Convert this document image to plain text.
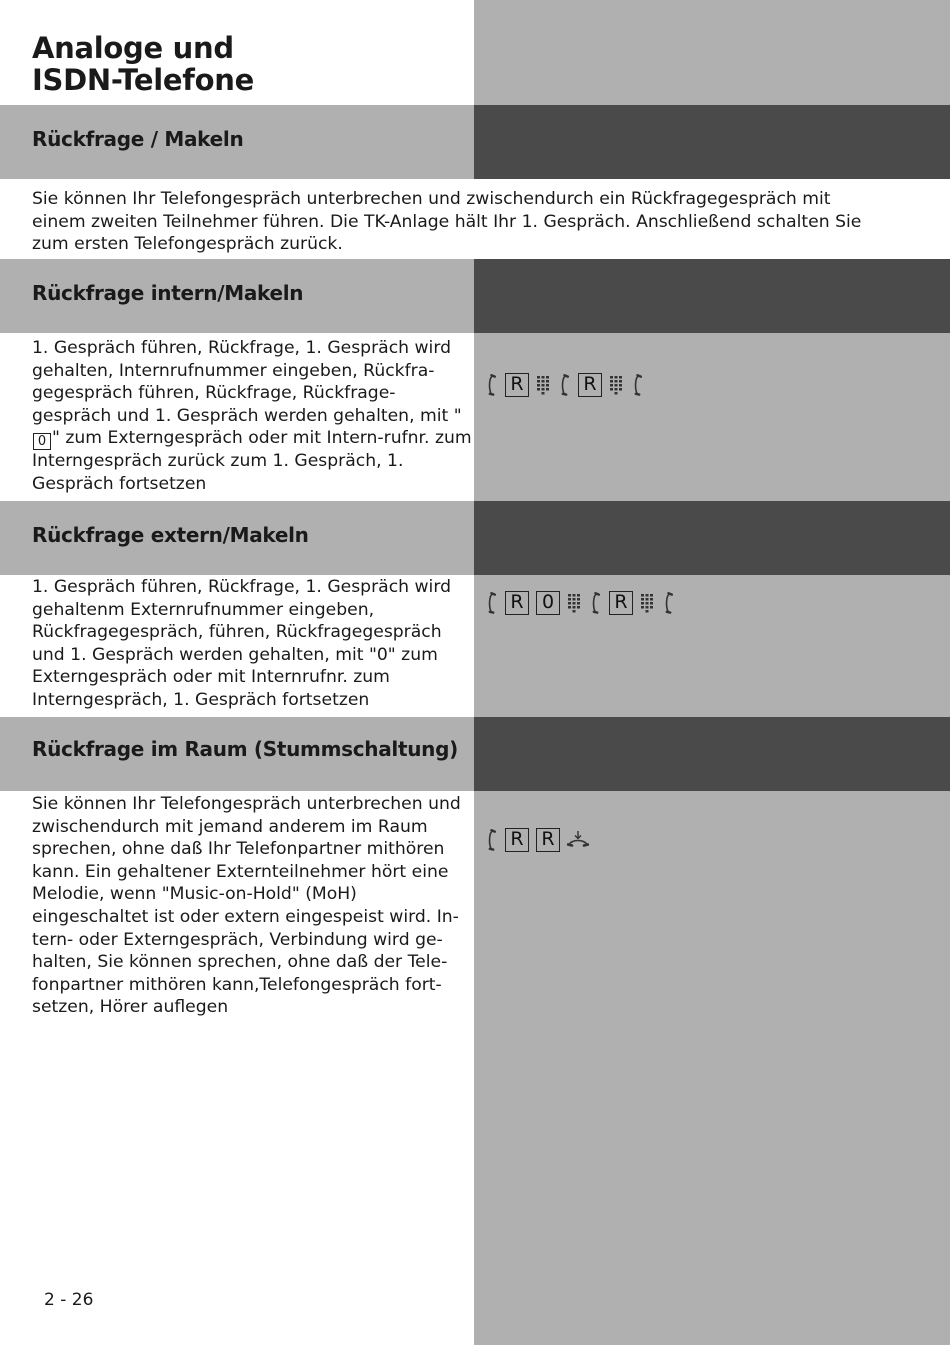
Analoge und
ISDN-Telefone
Rückfrage / Makeln

Sie können Ihr Telefongespräch unterbrechen und zwischendurch ein Rückfragegespräch mit einem zweiten Teilnehmer führen. Die TK-Anlage hält Ihr 1. Gespräch. Anschließend schalten Sie zum ersten Telefongespräch zurück.

Rückfrage intern/Makeln

1. Gespräch führen, Rückfrage, 1. Gespräch wird gehalten, Internrufnummer eingeben, Rückfra-gegespräch führen, Rückfrage, Rückfrage-gespräch und 1. Gespräch werden gehalten, mit "0 " zum Externgespräch oder mit Intern-rufnr. zum Interngespräch zurück zum 1. Gespräch, 1. Gespräch fortsetzen

R	R
Rückfrage extern/Makeln

1. Gespräch führen, Rückfrage, 1. Gespräch wird gehaltenm Externrufnummer eingeben, Rückfragegespräch, führen, Rückfragegespräch und 1. Gespräch werden gehalten, mit "0" zum Externgespräch oder mit Internrufnr. zum Interngespräch, 1. Gespräch fortsetzen

R 0	R
Rückfrage im Raum (Stummschaltung)

Sie können Ihr Telefongespräch unterbrechen und zwischendurch mit jemand anderem im Raum sprechen, ohne daß Ihr Telefonpartner mithören kann. Ein gehaltener Externteilnehmer hört eine Melodie, wenn "Music-on-Hold" (MoH) eingeschaltet ist oder extern eingespeist wird. In-tern- oder Externgespräch, Verbindung wird ge-halten, Sie können sprechen, ohne daß der Tele-fonpartner mithören kann,Telefongespräch fort-setzen, Hörer auflegen

R R
2 - 26
